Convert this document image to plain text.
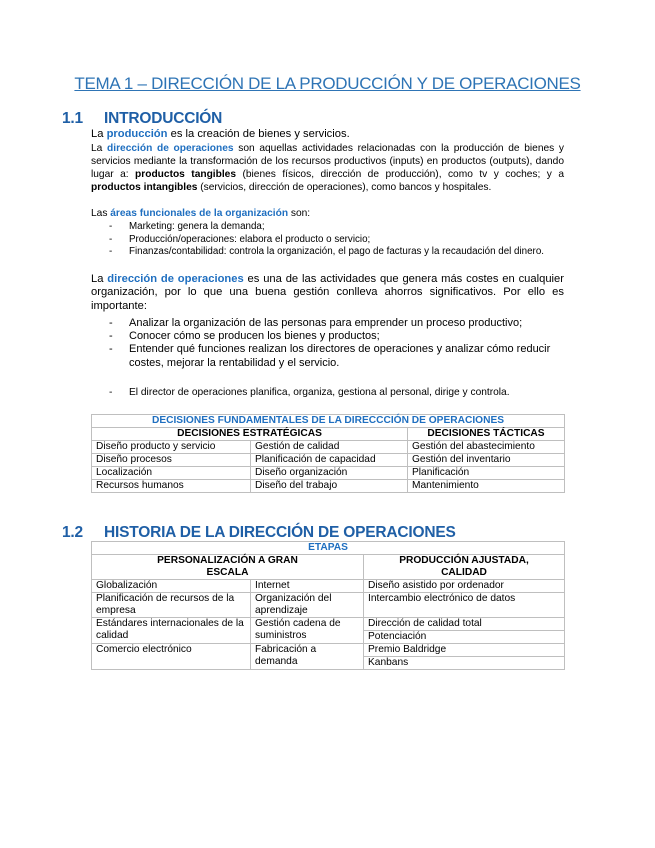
TEMA 1 – DIRECCIÓN DE LA PRODUCCIÓN Y DE OPERACIONES
1.1 INTRODUCCIÓN
La producción es la creación de bienes y servicios.
La dirección de operaciones son aquellas actividades relacionadas con la producción de bienes y servicios mediante la transformación de los recursos productivos (inputs) en productos (outputs), dando lugar a: productos tangibles (bienes físicos, dirección de producción), como tv y coches; y a productos intangibles (servicios, dirección de operaciones), como bancos y hospitales.
Las áreas funcionales de la organización son:
- Marketing: genera la demanda;
- Producción/operaciones: elabora el producto o servicio;
- Finanzas/contabilidad: controla la organización, el pago de facturas y la recaudación del dinero.
La dirección de operaciones es una de las actividades que genera más costes en cualquier organización, por lo que una buena gestión conlleva ahorros significativos. Por ello es importante:
- Analizar la organización de las personas para emprender un proceso productivo;
- Conocer cómo se producen los bienes y productos;
- Entender qué funciones realizan los directores de operaciones y analizar cómo reducir costes, mejorar la rentabilidad y el servicio.
- El director de operaciones planifica, organiza, gestiona al personal, dirige y controla.
DECISIONES FUNDAMENTALES DE LA DIRECCCIÓN DE OPERACIONES		
DECISIONES ESTRATÉGICAS		DECISIONES TÁCTICAS
Diseño producto y servicio	Gestión de calidad	Gestión del abastecimiento
Diseño procesos	Planificación de capacidad	Gestión del inventario
Localización	Diseño organización	Planificación
Recursos humanos	Diseño del trabajo	Mantenimiento
1.2 HISTORIA DE LA DIRECCIÓN DE OPERACIONES
ETAPAS		
PERSONALIZACIÓN A GRAN ESCALA		PRODUCCIÓN AJUSTADA, CALIDAD
Globalización	Internet	Diseño asistido por ordenador
Planificación de recursos de la empresa	Organización del aprendizaje	Intercambio electrónico de datos
Estándares internacionales de la calidad	Gestión cadena de suministros	Dirección de calidad total
		Potenciación
Comercio electrónico	Fabricación a demanda	Premio Baldridge
		Kanbans
